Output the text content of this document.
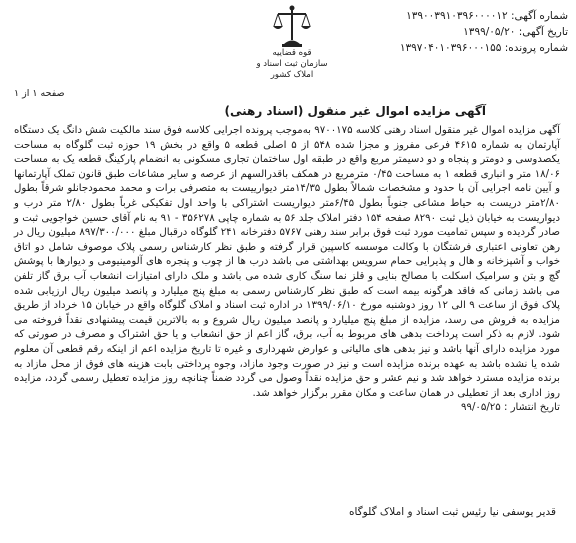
شماره آگهی: ۱۳۹۰۰۳۹۱۰۳۹۶۰۰۰۰۱۲
تاریخ آگهی: ۱۳۹۹/۰۵/۲۰
شماره پرونده: ۱۳۹۷۰۴۰۱۰۳۹۶۰۰۰۱۵۵
قوه قضاییه
سازمان ثبت اسناد و املاک کشور
صفحه ۱ از ۱
آگهی مزایده اموال غیر منقول (اسناد رهنی)

آگهی مزایده اموال غیر منقول اسناد رهنی کلاسه ۹۷۰۰۱۷۵ به‌موجب پرونده اجرایی کلاسه فوق سند مالکیت شش دانگ یک دستگاه آپارتمان به شماره ۴۶۱۵ فرعی مفروز و مجزا شده ۵۴۸ از ۵ اصلی قطعه ۵ واقع در بخش ۱۹ حوزه ثبت گلوگاه به مساحت یکصدوسی و دومتر و پنجاه و دو دسیمتر مربع واقع در طبقه اول ساختمان تجاری مسکونی به انضمام پارکینگ قطعه یک به مساحت ۱۸/۰۶ متر و انباری قطعه ۱ به مساحت ۰/۴۵ مترمربع در همکف باقدرالسهم از عرصه و سایر مشاعات طبق قانون تملک آپارتمانها و آیین نامه اجرایی آن با حدود و مشخصات شمالاً بطول ۱۴/۳۵متر دیوارییست به متصرفی برات و محمد محمودجانلو شرقاً بطول ۲/۸۰متر دریست به حیاط مشاعی جنوباً بطول ۶/۴۵متر دیواریست اشتراکی با واحد اول تفکیکی غرباً بطول ۲/۸۰ متر درب و دیواریست به خیابان ذیل ثبت ۸۲۹۰ صفحه ۱۵۴ دفتر املاک جلد ۵۶ به شماره چاپی ۳۵۶۲۷۸ - ۹۱ به نام آقای حسین خواجویی ثبت و صادر گردیده و سپس تمامیت مورد ثبت فوق برابر سند رهنی ۵۷۶۷ دفترخانه ۲۴۱ گلوگاه درقبال مبلغ ۸۹۷/۳۰۰/۰۰۰ میلیون ریال در رهن تعاونی اعتباری فرشتگان با وکالت موسسه کاسپین قرار گرفته و طبق نظر کارشناس رسمی پلاک موصوف شامل دو اتاق خواب و آشپزخانه و هال و پذیرایی حمام سرویس بهداشتی می باشد درب ها از چوب و پنجره های آلومینیومی و دیوارها با پوشش گچ و بتن و سرامیک اسکلت با مصالح بنایی و قلز نما سنگ کاری شده می باشد و ملک دارای امتیازات انشعاب آب برق گاز تلفن می باشد زمانی که فاقد هرگونه بیمه است که طبق نظر کارشناس رسمی به مبلغ پنج میلیارد و پانصد میلیون ریال ارزیابی شده پلاک فوق از ساعت ۹ الی ۱۲ روز دوشنبه مورخ ۱۳۹۹/۰۶/۱۰ در اداره ثبت اسناد و املاک گلوگاه واقع در خیابان ۱۵ خرداد از طریق مزایده به فروش می رسد، مزایده از مبلغ پنج میلیارد و پانصد میلیون ریال شروع و به بالاترین قیمت پیشنهادی نقداً فروخته می شود. لازم به ذکر است پرداخت بدهی های مربوط به آب، برق، گاز اعم از حق انشعاب و یا حق اشتراک و مصرف در صورتی که مورد مزایده دارای آنها باشد و نیز بدهی های مالیاتی و عوارض شهرداری و غیره تا تاریخ مزایده اعم از اینکه رقم قطعی آن معلوم شده یا نشده باشد به عهده برنده مزایده است و نیز در صورت وجود مازاد، وجوه پرداختی بابت هزینه های فوق از محل مازاد به برنده مزایده مسترد خواهد شد و نیم عشر و حق مزایده نقداً وصول می گردد ضمناً چنانچه روز مزایده تعطیل رسمی گردد، مزایده روز اداری بعد از تعطیلی در همان ساعت و مکان مقرر برگزار خواهد شد.

تاریخ انتشار : ۹۹/۰۵/۲۵

قدیر یوسفی نیا رئیس ثبت اسناد و املاک گلوگاه
